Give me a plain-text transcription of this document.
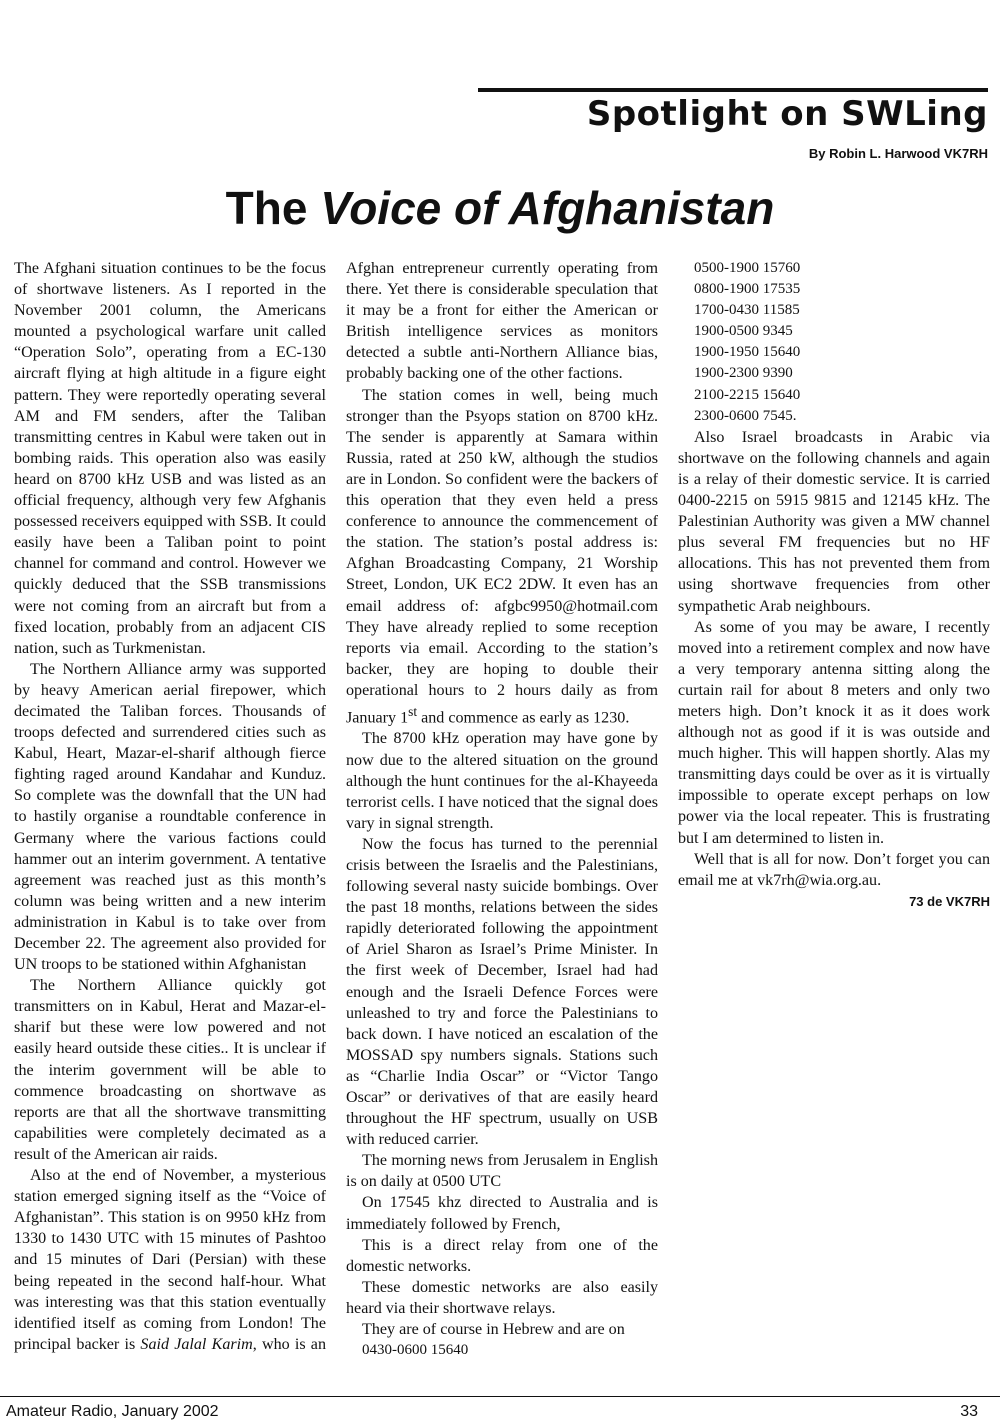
Spotlight on SWLing
By Robin L. Harwood VK7RH
The Voice of Afghanistan

The Afghani situation continues to be the focus of shortwave listeners. As I reported in the November 2001 column, the Americans mounted a psychological warfare unit called “Operation Solo”, operating from a EC-130 aircraft flying at high altitude in a figure eight pattern. They were reportedly operating several AM and FM senders, after the Taliban transmitting centres in Kabul were taken out in bombing raids. This operation also was easily heard on 8700 kHz USB and was listed as an official frequency, although very few Afghanis possessed receivers equipped with SSB. It could easily have been a Taliban point to point channel for command and control. However we quickly deduced that the SSB transmissions were not coming from an aircraft but from a fixed location, probably from an adjacent CIS nation, such as Turkmenistan.

The Northern Alliance army was supported by heavy American aerial firepower, which decimated the Taliban forces. Thousands of troops defected and surrendered cities such as Kabul, Heart, Mazar-el-sharif although fierce fighting raged around Kandahar and Kunduz. So complete was the downfall that the UN had to hastily organise a roundtable conference in Germany where the various factions could hammer out an interim government. A tentative agreement was reached just as this month’s column was being written and a new interim administration in Kabul is to take over from December 22. The agreement also provided for UN troops to be stationed within Afghanistan

The Northern Alliance quickly got transmitters on in Kabul, Herat and Mazar-el-sharif but these were low powered and not easily heard outside these cities.. It is unclear if the interim government will be able to commence broadcasting on shortwave as reports are that all the shortwave transmitting capabilities were completely decimated as a result of the American air raids.

Also at the end of November, a mysterious station emerged signing itself as the “Voice of Afghanistan”. This station is on 9950 kHz from 1330 to 1430 UTC with 15 minutes of Pashtoo and 15 minutes of Dari (Persian) with these being repeated in the second half-hour. What was interesting was that this station eventually identified itself as coming from London! The principal backer is Said Jalal Karim, who is an Afghan entrepreneur currently operating from there. Yet there is considerable speculation that it may be a front for either the American or British intelligence services as monitors detected a subtle anti-Northern Alliance bias, probably backing one of the other factions.

The station comes in well, being much stronger than the Psyops station on 8700 kHz. The sender is apparently at Samara within Russia, rated at 250 kW, although the studios are in London. So confident were the backers of this operation that they even held a press conference to announce the commencement of the station. The station’s postal address is: Afghan Broadcasting Company, 21 Worship Street, London, UK EC2 2DW. It even has an email address of: afgbc9950@hotmail.com They have already replied to some reception reports via email. According to the station’s backer, they are hoping to double their operational hours to 2 hours daily as from January 1st and commence as early as 1230.

The 8700 kHz operation may have gone by now due to the altered situation on the ground although the hunt continues for the al-Khayeeda terrorist cells. I have noticed that the signal does vary in signal strength.

Now the focus has turned to the perennial crisis between the Israelis and the Palestinians, following several nasty suicide bombings. Over the past 18 months, relations between the sides rapidly deteriorated following the appointment of Ariel Sharon as Israel’s Prime Minister. In the first week of December, Israel had had enough and the Israeli Defence Forces were unleashed to try and force the Palestinians to back down. I have noticed an escalation of the MOSSAD spy numbers signals. Stations such as “Charlie India Oscar” or “Victor Tango Oscar” or derivatives of that are easily heard throughout the HF spectrum, usually on USB with reduced carrier.

The morning news from Jerusalem in English is on daily at 0500 UTC

On 17545 khz directed to Australia and is immediately followed by French,

This is a direct relay from one of the domestic networks.

These domestic networks are also easily heard via their shortwave relays.

They are of course in Hebrew and are on

0430-0600 15640

0500-1900 15760

0800-1900 17535

1700-0430 11585

1900-0500 9345

1900-1950 15640

1900-2300 9390

2100-2215 15640

2300-0600 7545.

Also Israel broadcasts in Arabic via shortwave on the following channels and again is a relay of their domestic service. It is carried 0400-2215 on 5915 9815 and 12145 kHz. The Palestinian Authority was given a MW channel plus several FM frequencies but no HF allocations. This has not prevented them from using shortwave frequencies from other sympathetic Arab neighbours.

As some of you may be aware, I recently moved into a retirement complex and now have a very temporary antenna sitting along the curtain rail for about 8 meters and only two meters high. Don’t knock it as it does work although not as good if it is was outside and much higher. This will happen shortly. Alas my transmitting days could be over as it is virtually impossible to operate except perhaps on low power via the local repeater. This is frustrating but I am determined to listen in.

Well that is all for now. Don’t forget you can email me at vk7rh@wia.org.au.

73 de VK7RH

Amateur Radio, January 2002	33
